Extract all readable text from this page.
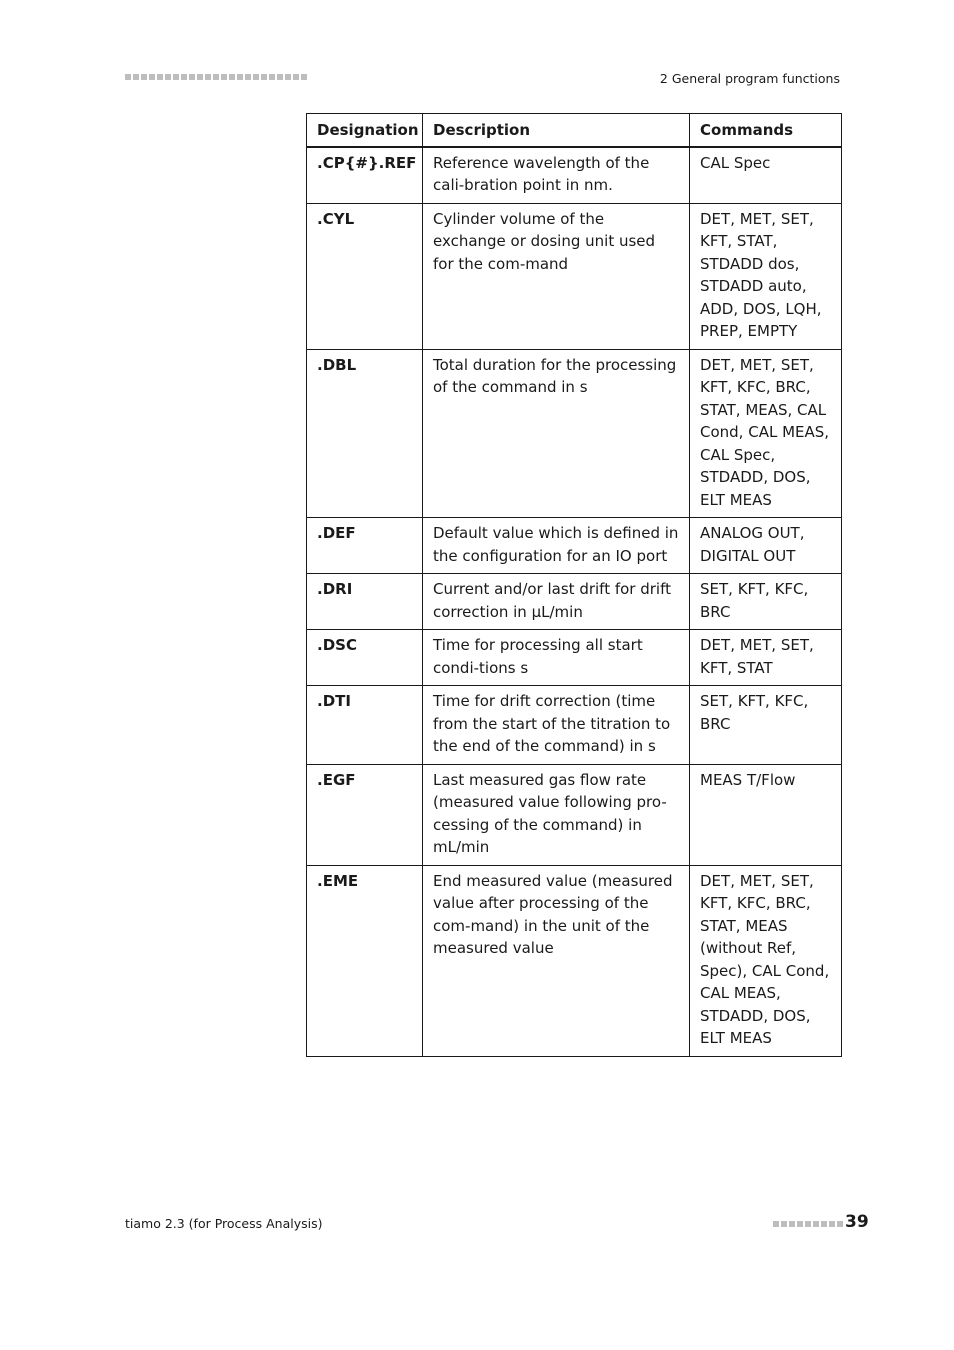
2 General program functions
Designation	Description	Commands
.CP{#}.REF	Reference wavelength of the cali-bration point in nm.	CAL Spec
.CYL	Cylinder volume of the exchange or dosing unit used for the com-mand	DET, MET, SET, KFT, STAT, STDADD dos, STDADD auto, ADD, DOS, LQH, PREP, EMPTY
.DBL	Total duration for the processing of the command in s	DET, MET, SET, KFT, KFC, BRC, STAT, MEAS, CAL Cond, CAL MEAS, CAL Spec, STDADD, DOS, ELT MEAS
.DEF	Default value which is defined in the configuration for an IO port	ANALOG OUT, DIGITAL OUT
.DRI	Current and/or last drift for drift correction in µL/min	SET, KFT, KFC, BRC
.DSC	Time for processing all start condi-tions s	DET, MET, SET, KFT, STAT
.DTI	Time for drift correction (time from the start of the titration to the end of the command) in s	SET, KFT, KFC, BRC
.EGF	Last measured gas flow rate (measured value following pro-cessing of the command) in mL/min	MEAS T/Flow
.EME	End measured value (measured value after processing of the com-mand) in the unit of the measured value	DET, MET, SET, KFT, KFC, BRC, STAT, MEAS (without Ref, Spec), CAL Cond, CAL MEAS, STDADD, DOS, ELT MEAS
tiamo 2.3 (for Process Analysis)	39
